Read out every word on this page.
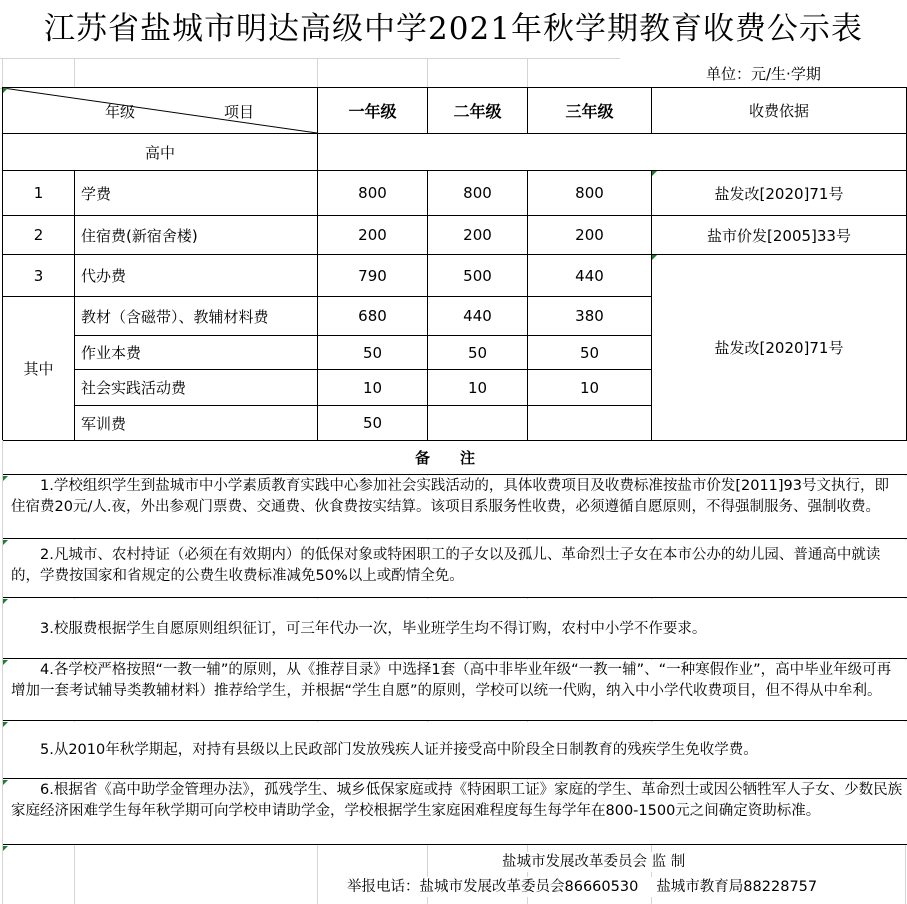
江苏省盐城市明达高级中学2021年秋学期教育收费公示表
单位：元/生·学期
年级	项目	一年级	二年级	三年级	收费依据
高中
1	学费	800	800	800	盐发改[2020]71号
2	住宿费(新宿舍楼)	200	200	200	盐市价发[2005]33号
3	代办费	790	500	440
盐发改[2020]71号
其中
教材（含磁带）、教辅材料费	680	440	380
作业本费	50	50	50
社会实践活动费	10	10	10
军训费	50
备　　注
1.学校组织学生到盐城市中小学素质教育实践中心参加社会实践活动的，具体收费项目及收费标准按盐市价发[2011]93号文执行，即住宿费20元/人.夜，外出参观门票费、交通费、伙食费按实结算。该项目系服务性收费，必须遵循自愿原则，不得强制服务、强制收费。
2.凡城市、农村持证（必须在有效期内）的低保对象或特困职工的子女以及孤儿、革命烈士子女在本市公办的幼儿园、普通高中就读的，学费按国家和省规定的公费生收费标准减免50%以上或酌情全免。
3.校服费根据学生自愿原则组织征订，可三年代办一次，毕业班学生均不得订购，农村中小学不作要求。
4.各学校严格按照“一教一辅”的原则，从《推荐目录》中选择1套（高中非毕业年级“一教一辅”、“一种寒假作业”，高中毕业年级可再增加一套考试辅导类教辅材料）推荐给学生，并根据“学生自愿”的原则，学校可以统一代购，纳入中小学代收费项目，但不得从中牟利。
5.从2010年秋学期起，对持有县级以上民政部门发放残疾人证并接受高中阶段全日制教育的残疾学生免收学费。
6.根据省《高中助学金管理办法》，孤残学生、城乡低保家庭或持《特困职工证》家庭的学生、革命烈士或因公牺牲军人子女、少数民族家庭经济困难学生每年秋学期可向学校申请助学金，学校根据学生家庭困难程度每生每学年在800-1500元之间确定资助标准。
盐城市发展改革委员会 监 制
举报电话：盐城市发展改革委员会86660530 盐城市教育局88228757
